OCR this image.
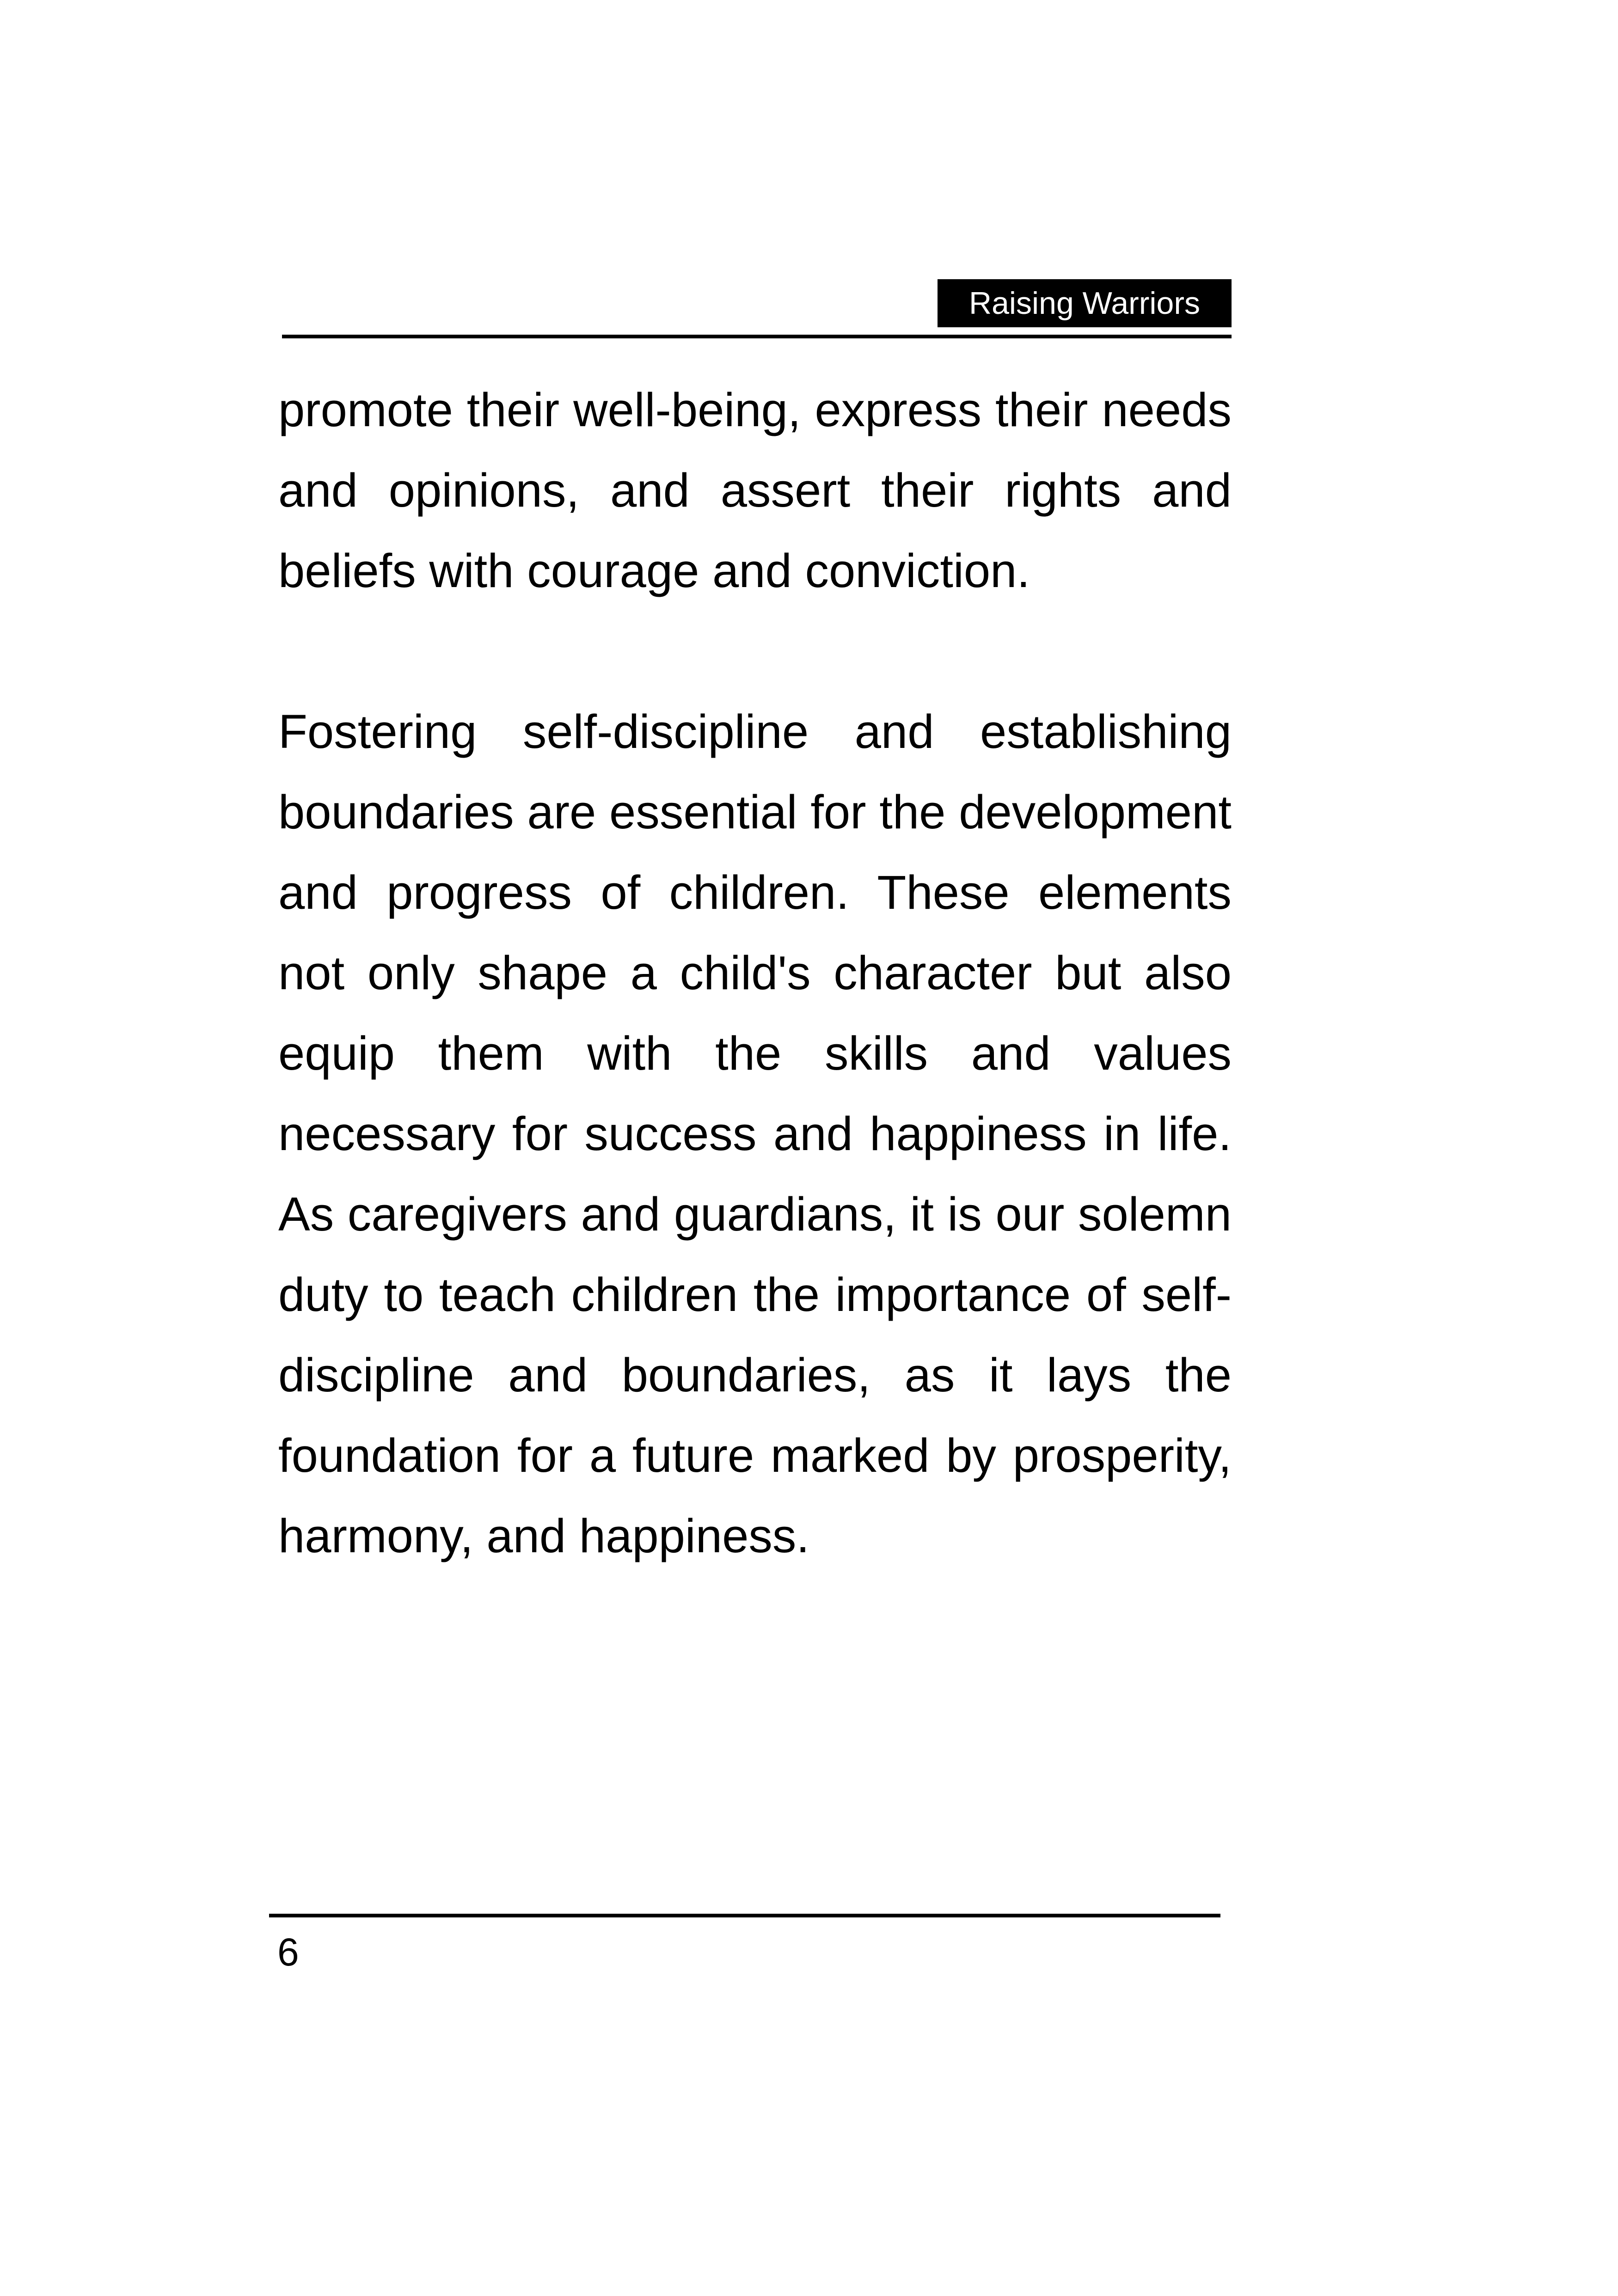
Raising Warriors

promote their well-being, express their needs and opinions, and assert their rights and beliefs with courage and conviction.

Fostering self-discipline and establishing boundaries are essential for the development and progress of children. These elements not only shape a child's character but also equip them with the skills and values necessary for success and happiness in life. As caregivers and guardians, it is our solemn duty to teach children the importance of self-discipline and boundaries, as it lays the foundation for a future marked by prosperity, harmony, and happiness.

6
